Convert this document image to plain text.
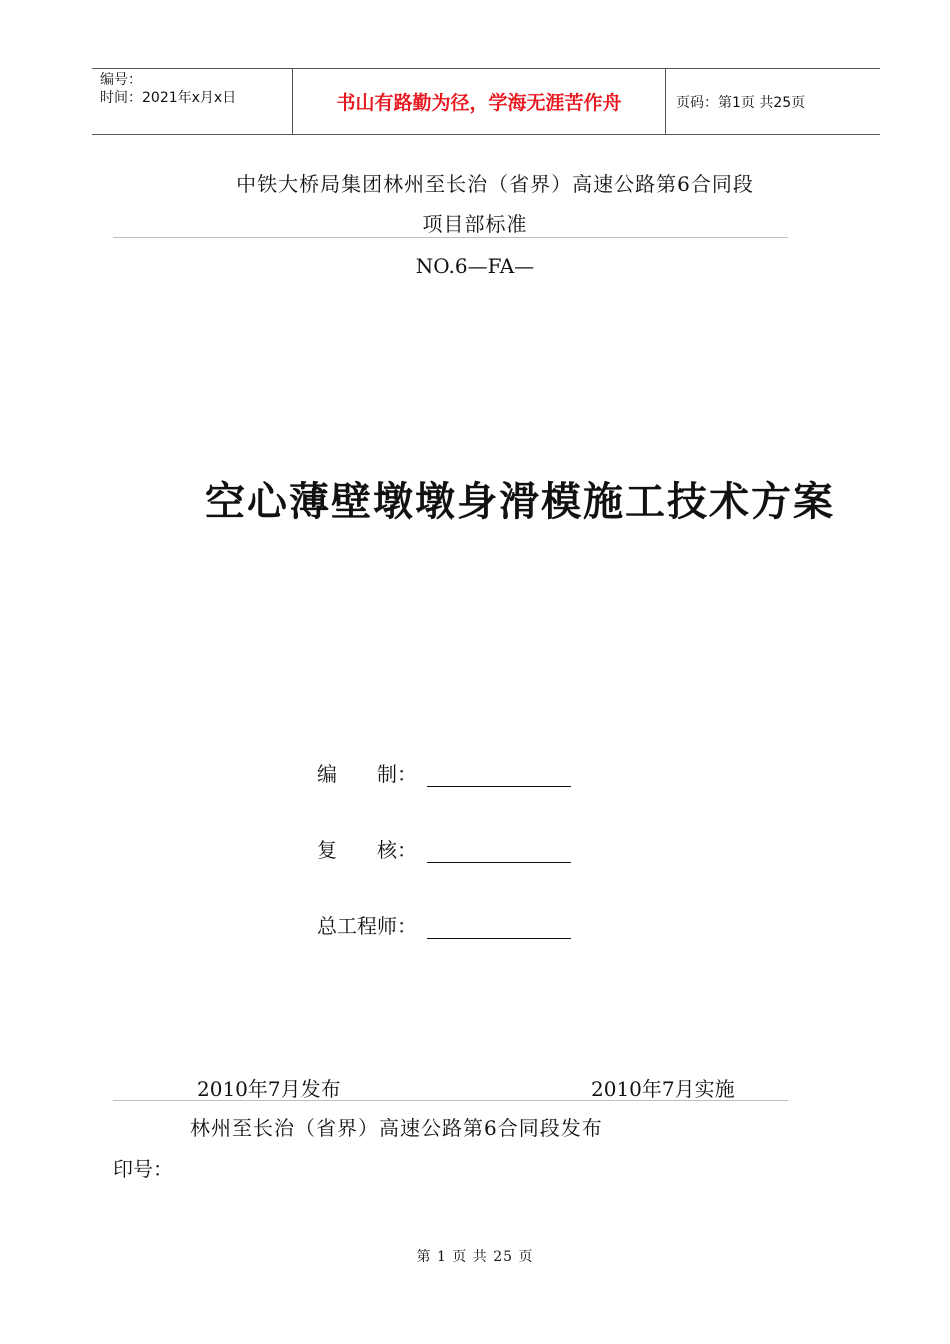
编号：
时间：2021年x月x日	书山有路勤为径，学海无涯苦作舟	页码：第1页 共25页
中铁大桥局集团林州至长治（省界）高速公路第6合同段
项目部标准
NO.6—FA—
空心薄壁墩墩身滑模施工技术方案
编　　制：
复　　核：
总工程师：
2010年7月发布	2010年7月实施
林州至长治（省界）高速公路第6合同段发布
印号：
第 1 页 共 25 页
